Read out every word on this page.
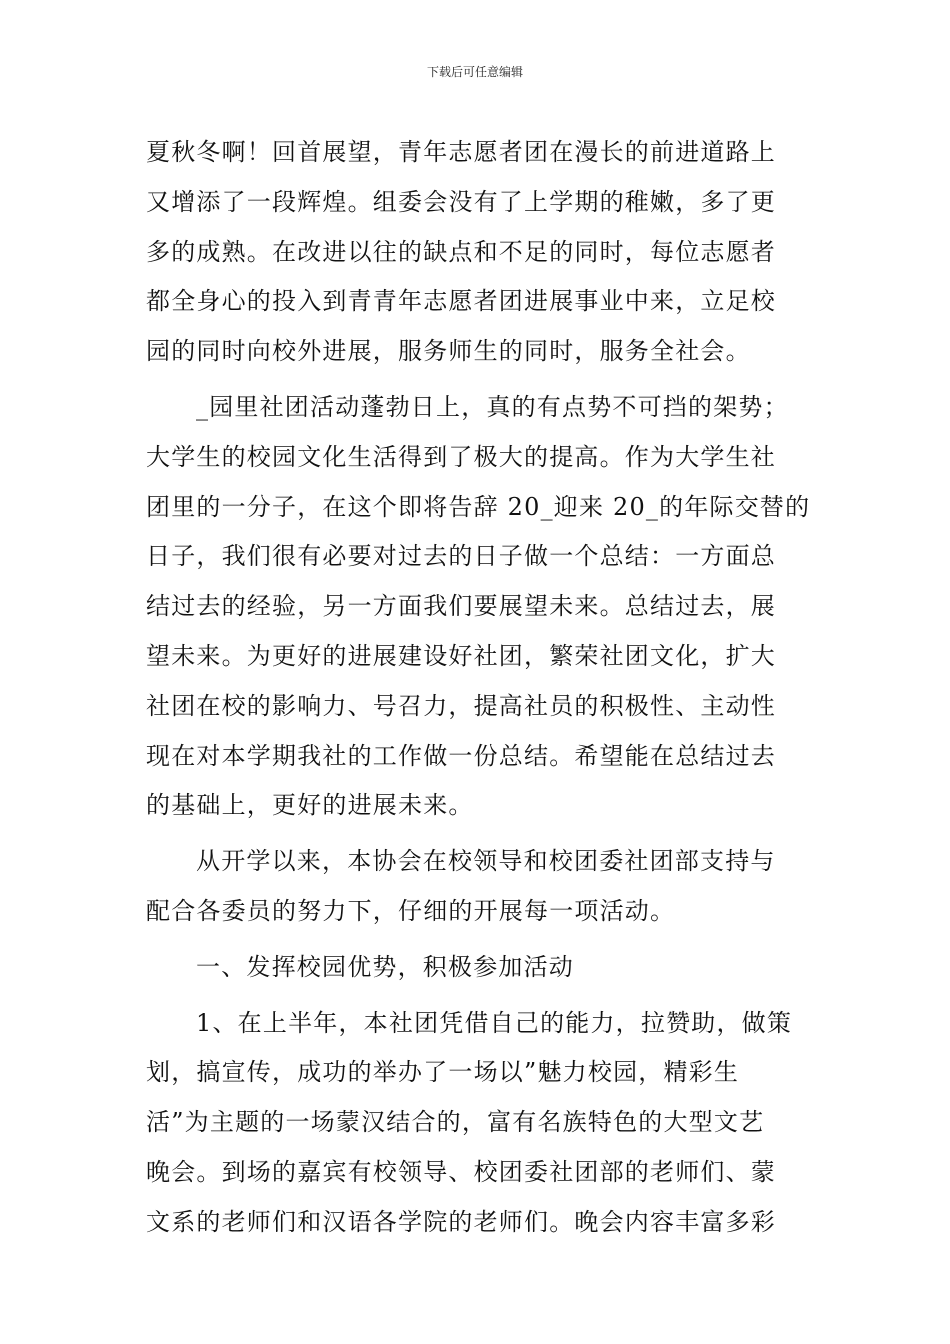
下载后可任意编辑
夏秋冬啊！回首展望，青年志愿者团在漫长的前进道路上
又增添了一段辉煌。组委会没有了上学期的稚嫩，多了更
多的成熟。在改进以往的缺点和不足的同时，每位志愿者
都全身心的投入到青青年志愿者团进展事业中来，立足校
园的同时向校外进展，服务师生的同时，服务全社会。
_园里社团活动蓬勃日上，真的有点势不可挡的架势；
大学生的校园文化生活得到了极大的提高。作为大学生社
团里的一分子，在这个即将告辞 20_迎来 20_的年际交替的
日子，我们很有必要对过去的日子做一个总结：一方面总
结过去的经验，另一方面我们要展望未来。总结过去，展
望未来。为更好的进展建设好社团，繁荣社团文化，扩大
社团在校的影响力、号召力，提高社员的积极性、主动性
现在对本学期我社的工作做一份总结。希望能在总结过去
的基础上，更好的进展未来。
从开学以来，本协会在校领导和校团委社团部支持与
配合各委员的努力下，仔细的开展每一项活动。
一、发挥校园优势，积极参加活动
1、在上半年，本社团凭借自己的能力，拉赞助，做策
划，搞宣传，成功的举办了一场以”魅力校园，精彩生
活”为主题的一场蒙汉结合的，富有名族特色的大型文艺
晚会。到场的嘉宾有校领导、校团委社团部的老师们、蒙
文系的老师们和汉语各学院的老师们。晚会内容丰富多彩
